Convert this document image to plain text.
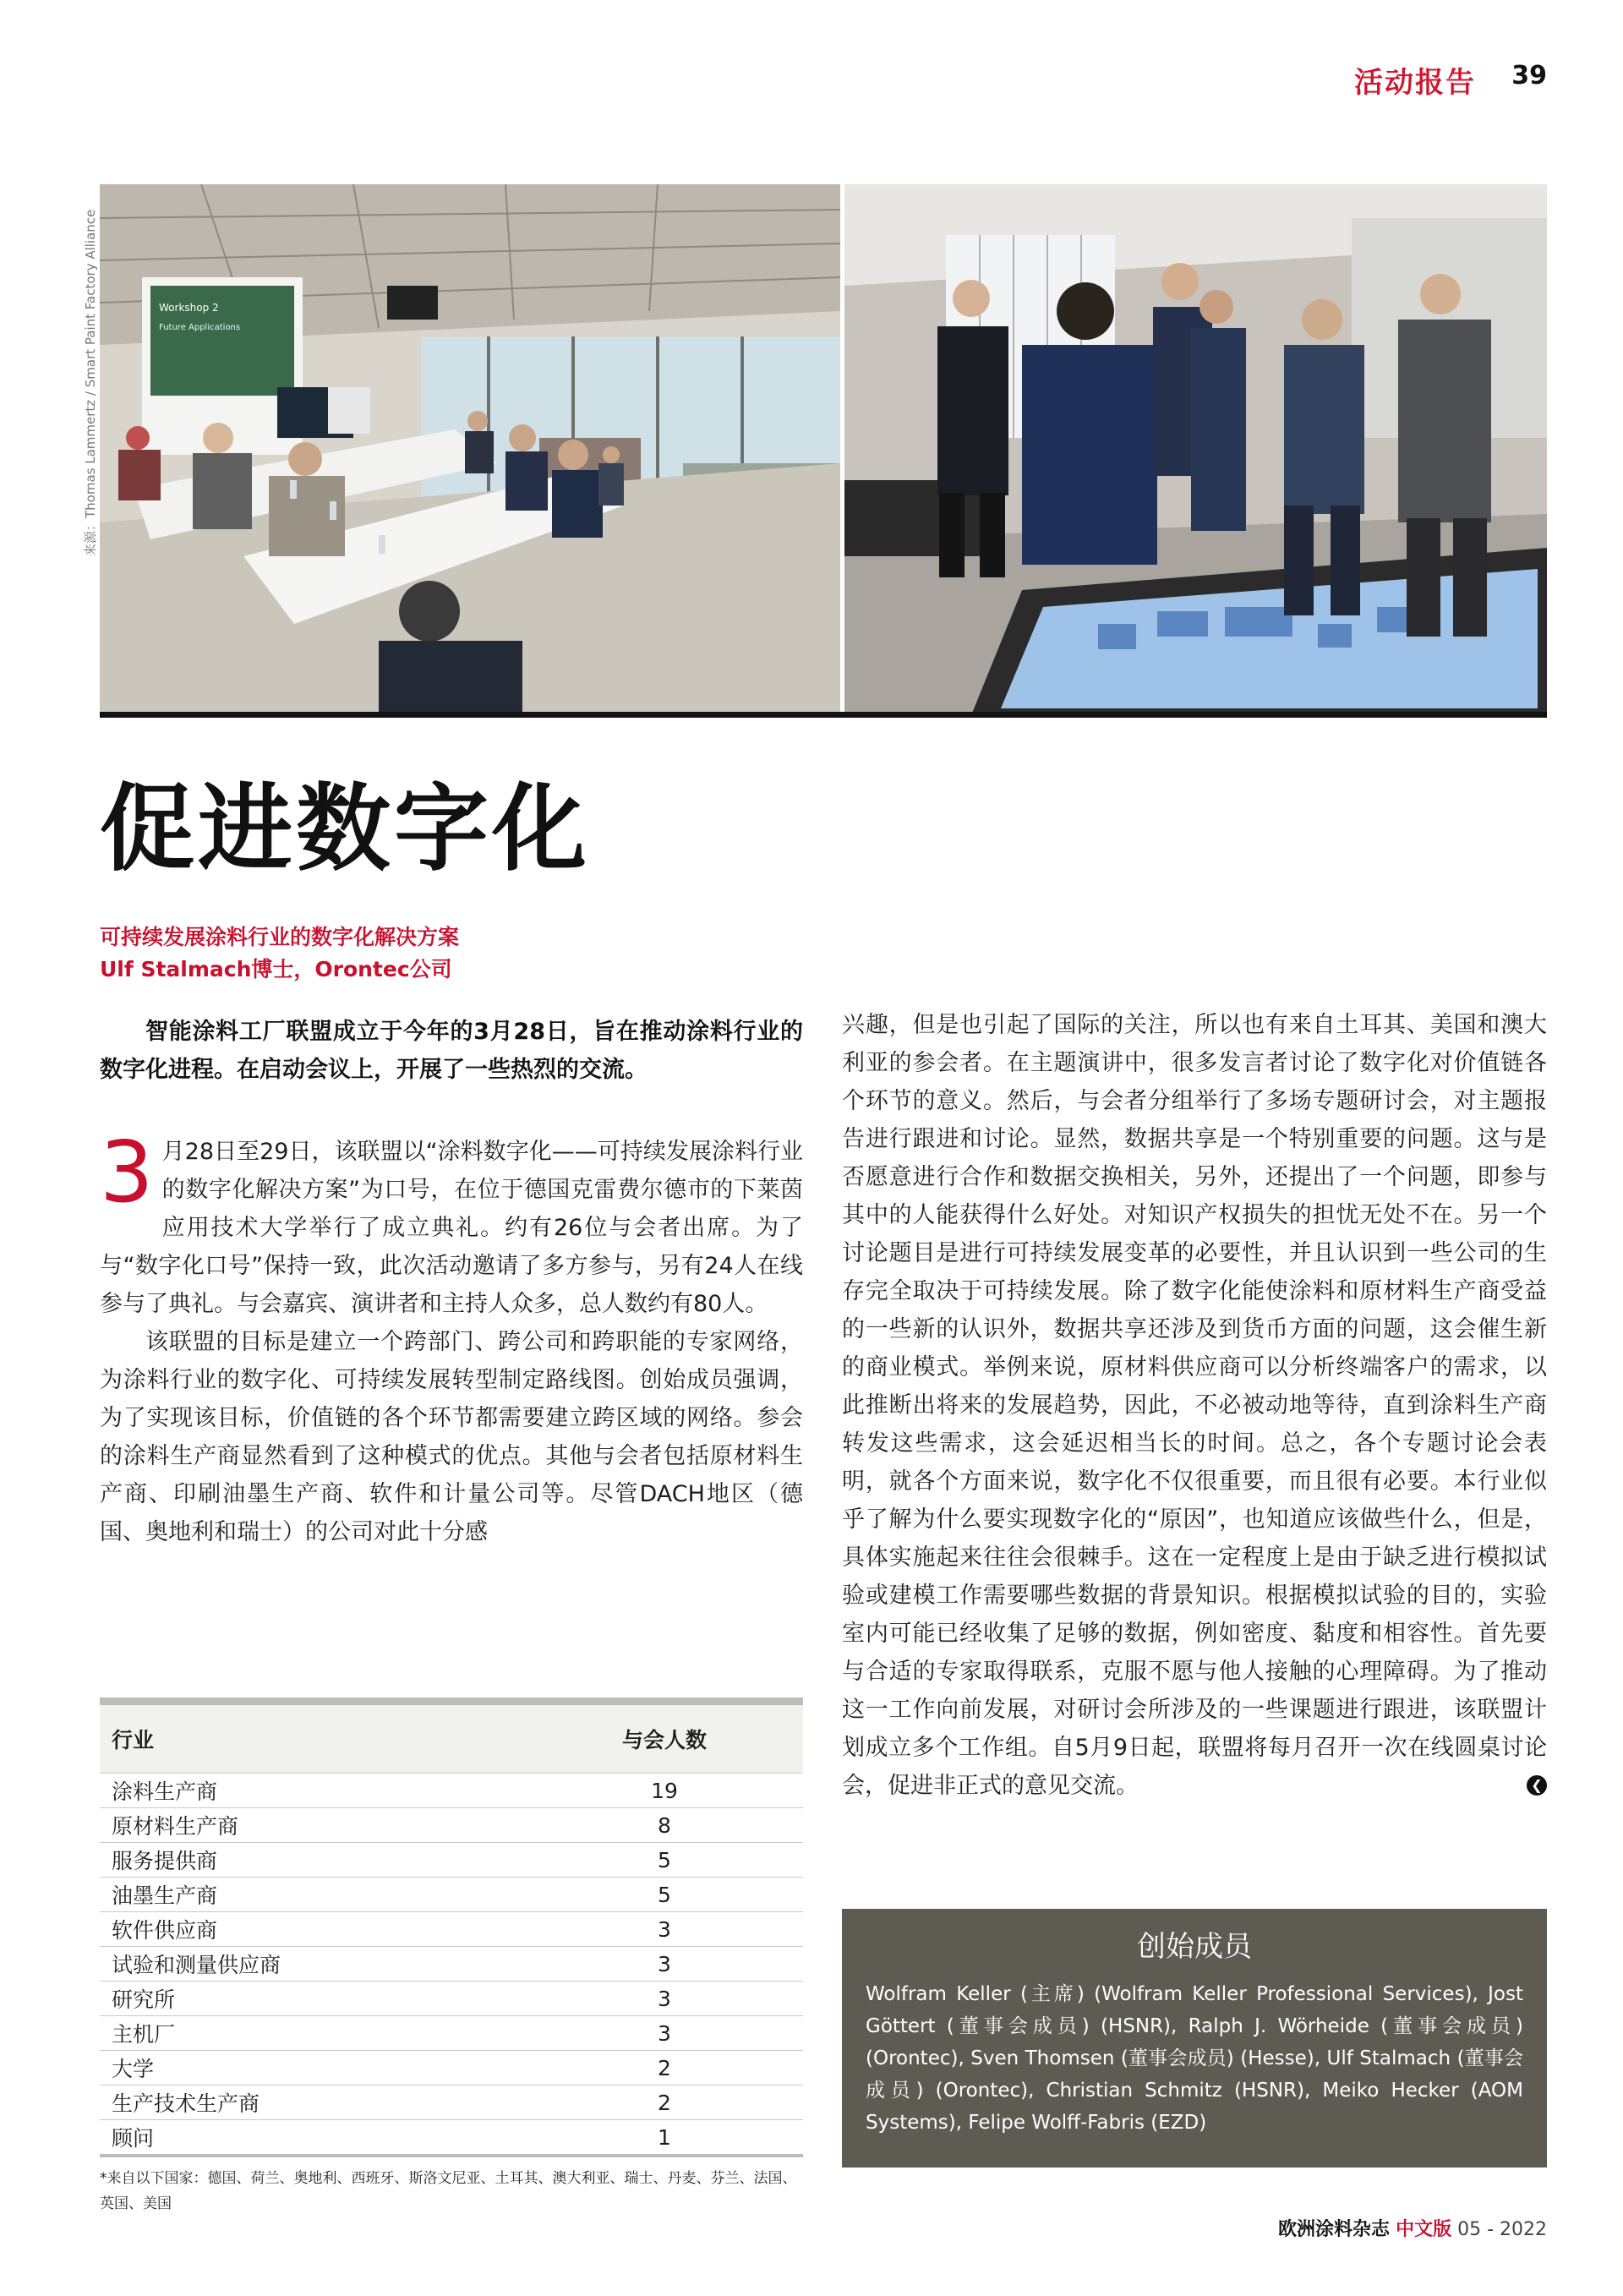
活动报告 39
来源：Thomas Lammertz / Smart Paint Factory Alliance	Workshop 2
Future Applications
促进数字化
可持续发展涂料行业的数字化解决方案
Ulf Stalmach博士，Orontec公司

智能涂料工厂联盟成立于今年的3月28日，旨在推动涂料行业的数字化进程。在启动会议上，开展了一些热烈的交流。

3 月28日至29日，该联盟以“涂料数字化——可持续发展涂料行业的数字化解决方案”为口号，在位于德国克雷费尔德市的下莱茵应用技术大学举行了成立典礼。约有26位与会者出席。为了与“数字化口号”保持一致，此次活动邀请了多方参与，另有24人在线参与了典礼。与会嘉宾、演讲者和主持人众多，总人数约有80人。

该联盟的目标是建立一个跨部门、跨公司和跨职能的专家网络，为涂料行业的数字化、可持续发展转型制定路线图。创始成员强调，为了实现该目标，价值链的各个环节都需要建立跨区域的网络。参会的涂料生产商显然看到了这种模式的优点。其他与会者包括原材料生产商、印刷油墨生产商、软件和计量公司等。尽管DACH地区（德国、奥地利和瑞士）的公司对此十分感

兴趣，但是也引起了国际的关注，所以也有来自土耳其、美国和澳大利亚的参会者。在主题演讲中，很多发言者讨论了数字化对价值链各个环节的意义。然后，与会者分组举行了多场专题研讨会，对主题报告进行跟进和讨论。显然，数据共享是一个特别重要的问题。这与是否愿意进行合作和数据交换相关，另外，还提出了一个问题，即参与其中的人能获得什么好处。对知识产权损失的担忧无处不在。另一个讨论题目是进行可持续发展变革的必要性，并且认识到一些公司的生存完全取决于可持续发展。除了数字化能使涂料和原材料生产商受益的一些新的认识外，数据共享还涉及到货币方面的问题，这会催生新的商业模式。举例来说，原材料供应商可以分析终端客户的需求，以此推断出将来的发展趋势，因此，不必被动地等待，直到涂料生产商转发这些需求，这会延迟相当长的时间。总之，各个专题讨论会表明，就各个方面来说，数字化不仅很重要，而且很有必要。本行业似乎了解为什么要实现数字化的“原因”，也知道应该做些什么，但是，具体实施起来往往会很棘手。这在一定程度上是由于缺乏进行模拟试验或建模工作需要哪些数据的背景知识。根据模拟试验的目的，实验室内可能已经收集了足够的数据，例如密度、黏度和相容性。首先要与合适的专家取得联系，克服不愿与他人接触的心理障碍。为了推动这一工作向前发展，对研讨会所涉及的一些课题进行跟进，该联盟计划成立多个工作组。自5月9日起，联盟将每月召开一次在线圆桌讨论会，促进非正式的意见交流。	❮

行业	与会人数
涂料生产商	19
原材料生产商	8
服务提供商	5
油墨生产商	5
软件供应商	3
试验和测量供应商	3
研究所	3
主机厂	3
大学	2
生产技术生产商	2
顾问	1
*来自以下国家：德国、荷兰、奥地利、西班牙、斯洛文尼亚、土耳其、澳大利亚、瑞士、丹麦、芬兰、法国、英国、美国
创始成员

Wolfram Keller (主席) (Wolfram Keller Professional Services), Jost Göttert (董事会成员) (HSNR), Ralph J. Wörheide (董事会成员) (Orontec), Sven Thomsen (董事会成员) (Hesse), Ulf Stalmach (董事会成员) (Orontec), Christian Schmitz (HSNR), Meiko Hecker (AOM Systems), Felipe Wolff-Fabris (EZD)

欧洲涂料杂志 中文版 05 - 2022
